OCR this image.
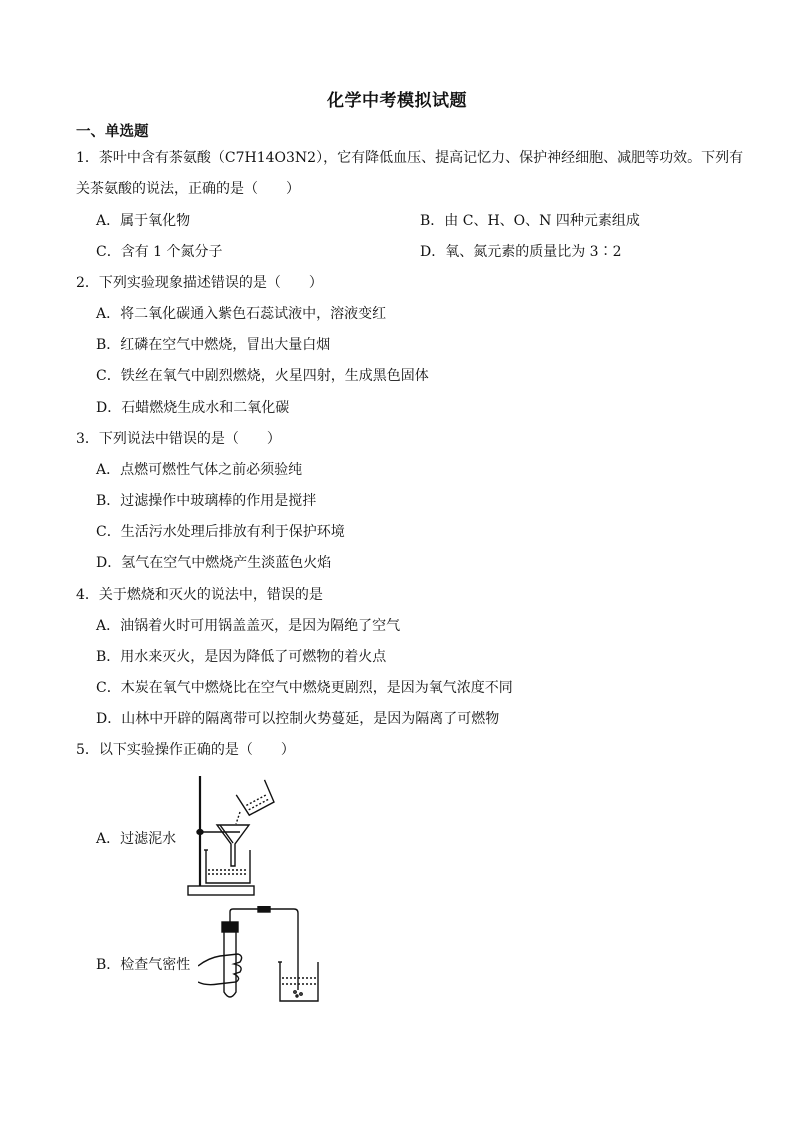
化学中考模拟试题
一、单选题
1．茶叶中含有茶氨酸（C7H14O3N2），它有降低血压、提高记忆力、保护神经细胞、减肥等功效。下列有
关茶氨酸的说法，正确的是（　　）
A．属于氧化物	B．由 C、H、O、N 四种元素组成
C．含有 1 个氮分子	D．氧、氮元素的质量比为 3∶2
2．下列实验现象描述错误的是（　　）
A．将二氧化碳通入紫色石蕊试液中，溶液变红
B．红磷在空气中燃烧，冒出大量白烟
C．铁丝在氧气中剧烈燃烧，火星四射，生成黑色固体
D．石蜡燃烧生成水和二氧化碳
3．下列说法中错误的是（　　）
A．点燃可燃性气体之前必须验纯
B．过滤操作中玻璃棒的作用是搅拌
C．生活污水处理后排放有利于保护环境
D．氢气在空气中燃烧产生淡蓝色火焰
4．关于燃烧和灭火的说法中，错误的是
A．油锅着火时可用锅盖盖灭，是因为隔绝了空气
B．用水来灭火，是因为降低了可燃物的着火点
C．木炭在氧气中燃烧比在空气中燃烧更剧烈，是因为氧气浓度不同
D．山林中开辟的隔离带可以控制火势蔓延，是因为隔离了可燃物
5．以下实验操作正确的是（　　）
A．过滤泥水
B．检查气密性
